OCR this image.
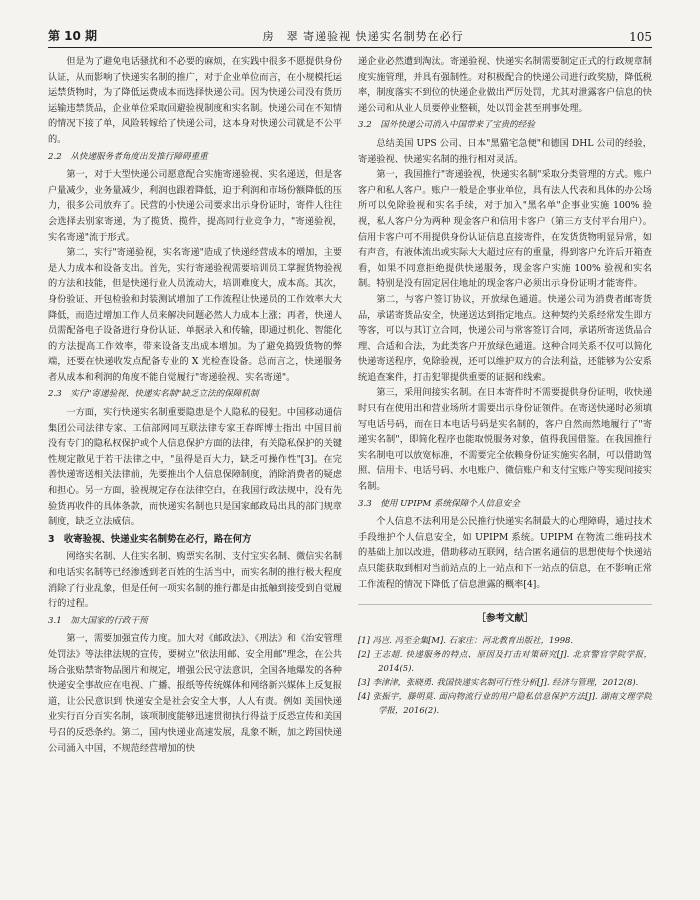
第 10 期	房　翠 寄递验视 快递实名制势在必行	105

但是为了避免电话骚扰和不必要的麻烦，在实践中很多不愿提供身份认证，从而影响了快递实名制的推广，对于企业单位而言，在小规模托运运禁货物时，为了降低运费成本而选择快递公司。因为快递公司没有货历运输违禁货品，企业单位采取回避验视制度和实名制。快递公司在不知情的情况下接了单，风险转嫁给了快递公司，这本身对快递公司就是不公平的。

2.2　从快递服务者角度出发推行障碍重重

第一，对于大型快递公司愿意配合实施寄递验视、实名递送，但是客户量减少，业务量减少，利润也跟着降低，迫于利润和市场份额降低的压力，很多公司放弃了。民营的小快递公司要求出示身份证时，寄件人往往会选择去别家寄递，为了揽货、揽件，提高同行业竞争力，"寄递验视，实名寄递"流于形式。

第二，实行"寄递验视，实名寄递"造成了快递经营成本的增加，主要是人力成本和设备支出。首先，实行寄递验视需要培训员工掌握货物验视的方法和技能，但是快递行业人员流动大，培训难度大，成本高。其次，身份验证、开包检验和封装测试增加了工作流程让快递员的工作效率大大降低，而造过增加工作人员来解决问题必然人力成本上涨；再者，快递人员需配备电子设备进行身份认证、单据录入和传输，即通过机化、智能化的方法提高工作效率，带来设备支出成本增加。为了避免捣毁货物的弊端，还要在快递收发点配备专业的 X 光检查设备。总而言之，快递服务者从成本和利润的角度不能自觉履行"寄递验视、实名寄递"。

2.3　实行"寄递验视、快递实名制"缺乏立法的保障机制

一方面，实行快递实名制重要隐患是个人隐私的侵犯。中国移动通信集团公司法律专家、工信部网同互联法律专家王春晖博士指出 中国目前没有专门的隐私权保护或个人信息保护方面的法律，有关隐私保护的关键性规定散见于若干法律之中，"虽得是百大力，缺乏可操作性"[3]。在完善快递寄送相关法律前，先要推出个人信息保障制度，消除消费者的疑虑和担心。另一方面，验视规定存在法律空白，在我国行政法规中，没有先验货再收件的具体条款，而快递实名制也只是国家邮政局出具的部门规章制度，缺乏立法威信。

3　收寄验视、快递业实名制势在必行，路在何方

网络实名制、人住实名制、购票实名制、支付宝实名制、微信实名制和电话实名制等已经渗透到老百姓的生活当中，而实名制的推行极大程度消除了行业乱象，但是任何一项实名制的推行都是由抵触到接受到自觉履行的过程。

3.1　加大国家的行政干预

第一，需要加强宣传力度。加大对《邮政法》、《刑法》和《治安管理处罚法》等法律法规的宣传，要树立"依法用邮、安全用邮"理念，在公共场合张贴禁寄物品图片和规定，增强公民守法意识，全国各地爆发的各种快递安全事故应在电视、广播、报纸等传统媒体和网络新兴媒体上反复报道，让公民意识到 快递安全是社会安全大事，人人有责。例如 美国快递业实行百分百实名制，该项制度能够迅速贯彻执行得益于反恐宣传和美国号召的反恐条约。第二，国内快递业高速发展，乱象不断，加之跨国快递公司涌入中国，不规范经营增加的快

递企业必然遭到淘汰。寄递验视、快递实名制需要制定正式的行政规章制度实施管理，并具有强制性。对积极配合的快递公司进行政奖励，降低税率，制度落实不到位的快递企业做出严厉处罚，尤其对泄露客户信息的快递公司和从业人员要停业整顿，处以罚金甚至刑事处理。

3.2　国外快递公司消入中国带来了宝贵的经验

总结美国 UPS 公司、日本"黑猫宅急便"和德国 DHL 公司的经验，寄递验视、快递实名制的推行相对灵活。

第一，我国推行"寄递验视，快递实名制"采取分类管理的方式。账户客户和私人客户。账户一般是企事业单位，具有法人代表和具体的办公场所可以免除验视和实名手续，对于加入"黑名单"企事业实施 100% 验视，私人客户分为两种 现金客户和信用卡客户（第三方支付平台用户）。信用卡客户可不用提供身份认证信息直接寄件，在发货货物明显异常，如有声音，有液体流出或实际大大超过应有的重量，得到客户允许后开箱查看，如果不同意拒绝提供快递服务，现金客户实施 100% 验视和实名制。特别是没有固定居住地址的现金客户必须出示身份证明才能寄件。

第二，与客户签订协议，开放绿色通道。快递公司为消费者邮寄货品，承诺寄货品安全，快递送达到指定地点。这种契约关系经常发生即方等客，可以与其订立合同，快递公司与常客签订合同，承诺所寄送货品合理、合适和合法，为此类客户开放绿色通道。这种合同关系不仅可以简化快递寄送程序，免除验视，还可以维护双方的合法利益，还能够为公安系统追查案件，打击犯罪提供重要的证据和线索。

第三，采用间接实名制。在日本寄件时不需要提供身份证明，收快递时只有在使用出和营业场所才需要出示身份证领件。在寄送快递时必须填写电话号码，而在日本电话号码是实名制的，客户自然而然地履行了"寄递实名制"，即简化程序也能取悦服务对象，值得我国借鉴。在我国推行实名制电可以放宽标准，不需要完全依赖身份证实施实名制，可以借助驾照、信用卡、电话号码、水电账户、微信账户和支付宝账户等实现间接实名制。

3.3　使用 UPIPM 系统保障个人信息安全

个人信息不法利用是公民推行快递实名制最大的心理障碍，通过技术手段维护个人信息安全，如 UPIPM 系统。UPIPM 在物流二维码技术的基础上加以改进，借助移动互联网，结合匿名通信的思想使每个快递站点只能获取到相对当前站点的上一站点和下一站点的信息，在不影响正常工作流程的情况下降低了信息泄露的概率[4]。

［参考文献］
[1] 冯岂. 冯至全集[M]. 石家庄：河北教育出版社，1998.
[2] 王志超. 快递服务的特点、原因及打击对策研究[J]. 北京警官学院学报，2014(5).
[3] 李津津，张晓勇. 我国快递实名制可行性分析[J]. 经济与管理，2012(8).
[4] 张振宇，滕明莫. 面向物流行业的用户隐私信息保护方法[J]. 湖南文理学院学报，2016(2).
